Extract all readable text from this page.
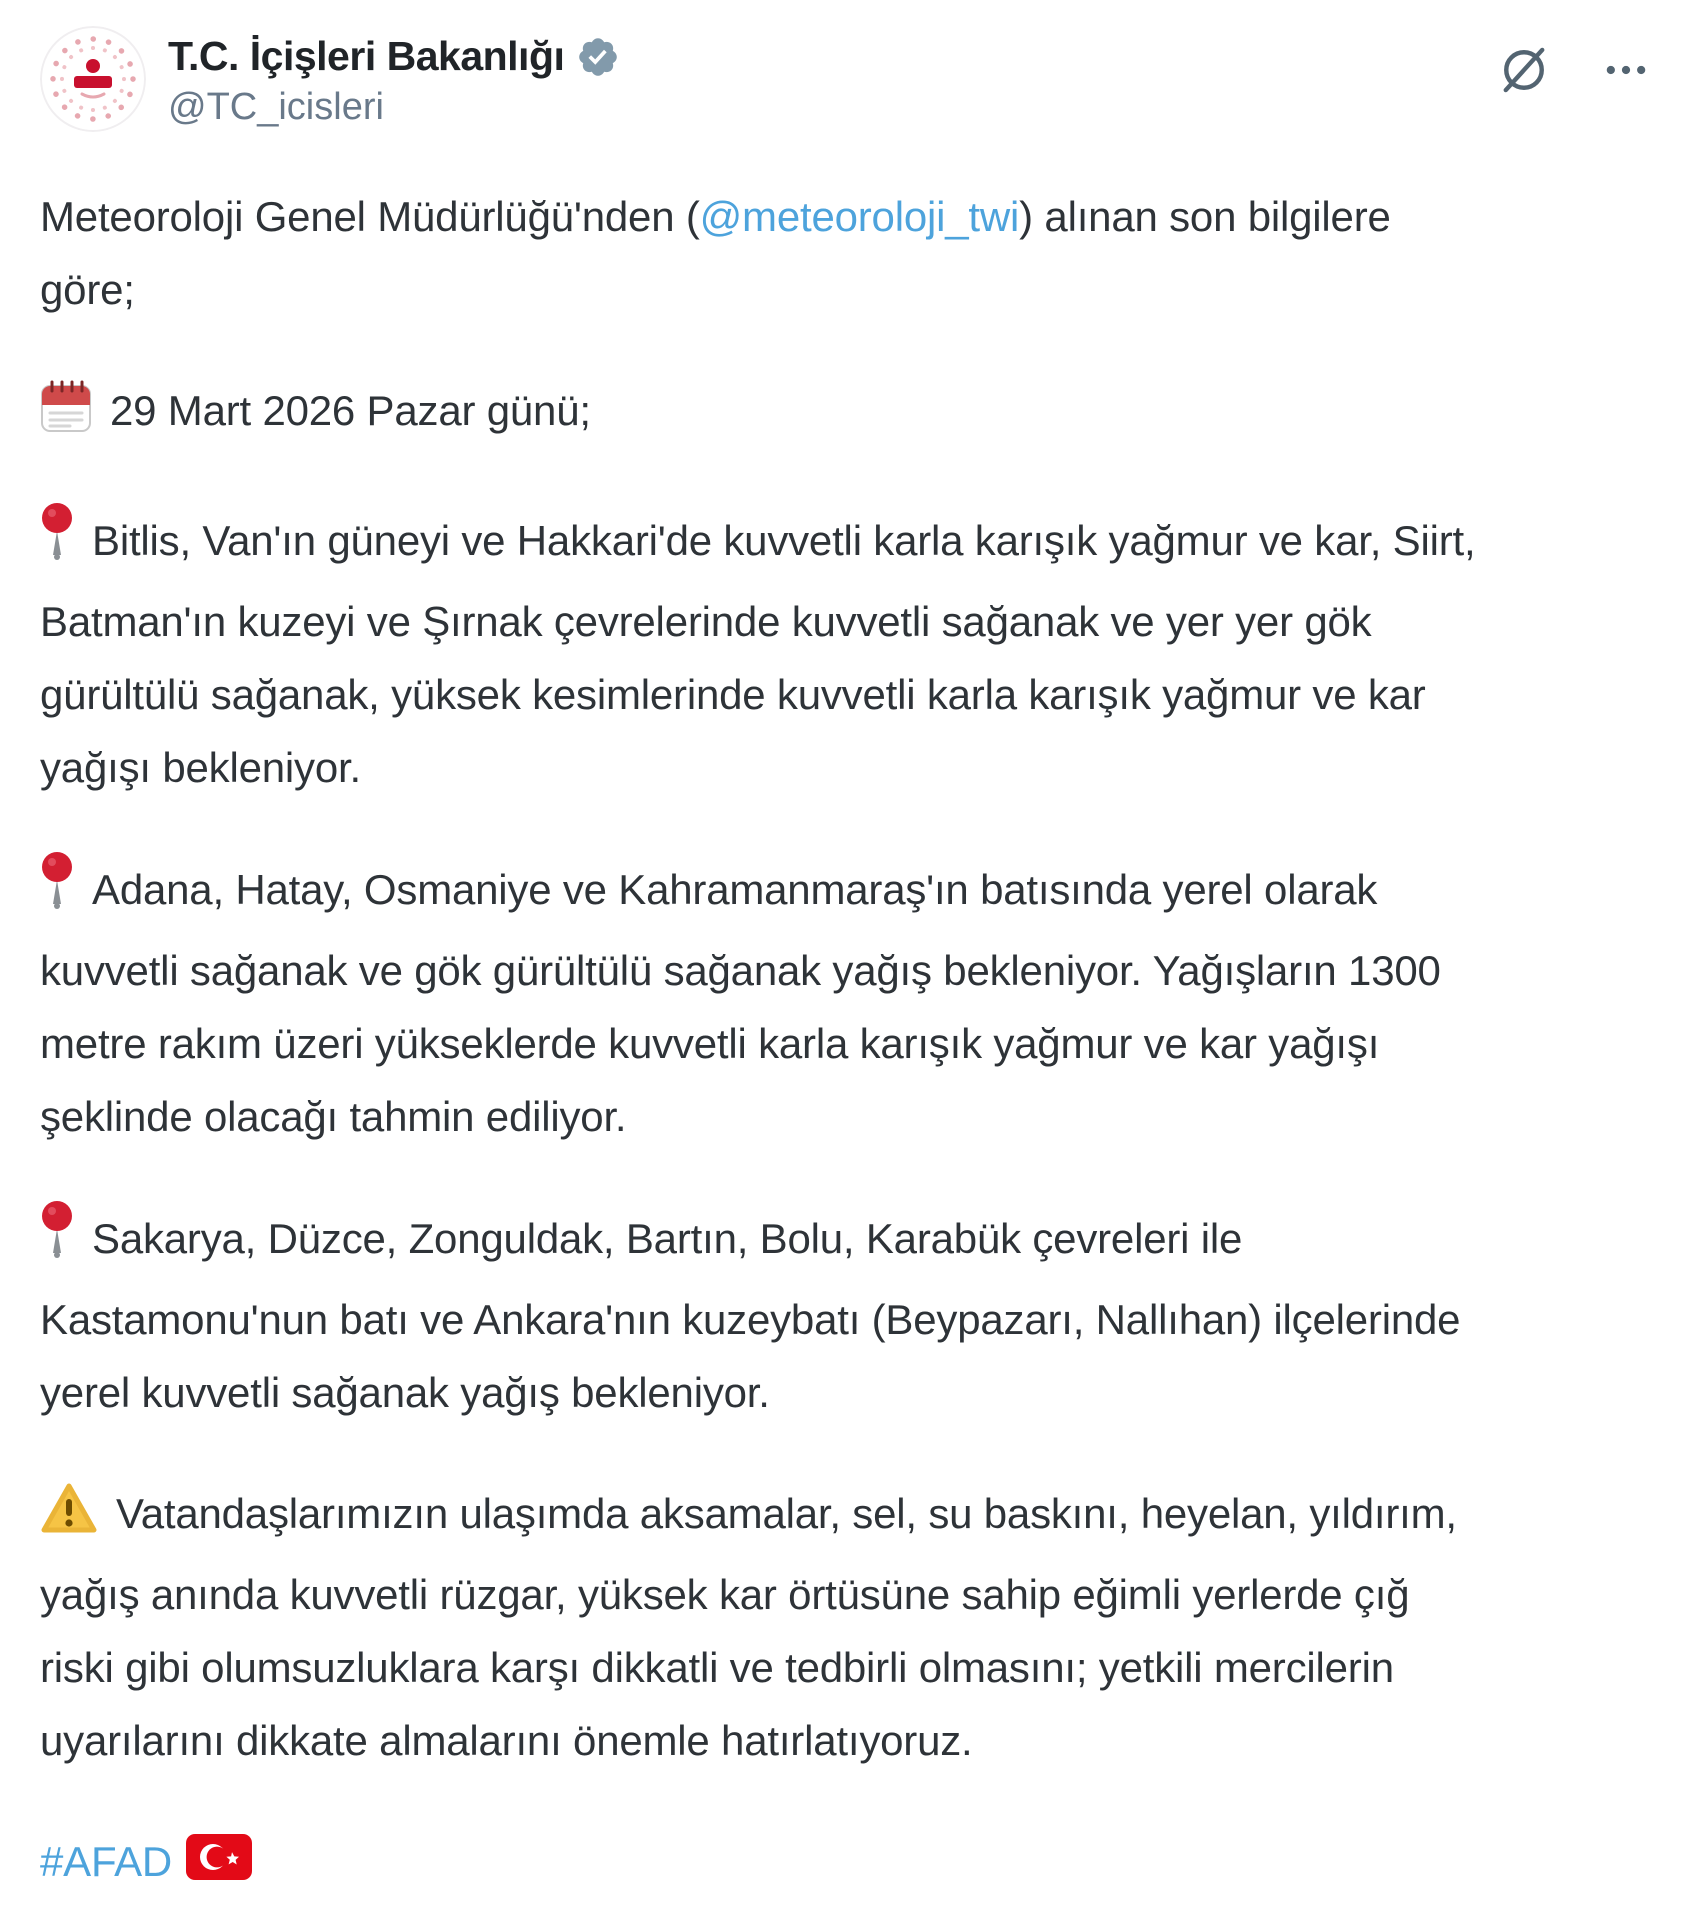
T.C. İçişleri Bakanlığı
@TC_icisleri

Meteoroloji Genel Müdürlüğü'nden (@meteoroloji_twi) alınan son bilgilere göre;

29 Mart 2026 Pazar günü;

Bitlis, Van'ın güneyi ve Hakkari'de kuvvetli karla karışık yağmur ve kar, Siirt, Batman'ın kuzeyi ve Şırnak çevrelerinde kuvvetli sağanak ve yer yer gök gürültülü sağanak, yüksek kesimlerinde kuvvetli karla karışık yağmur ve kar yağışı bekleniyor.

Adana, Hatay, Osmaniye ve Kahramanmaraş'ın batısında yerel olarak kuvvetli sağanak ve gök gürültülü sağanak yağış bekleniyor. Yağışların 1300 metre rakım üzeri yükseklerde kuvvetli karla karışık yağmur ve kar yağışı şeklinde olacağı tahmin ediliyor.

Sakarya, Düzce, Zonguldak, Bartın, Bolu, Karabük çevreleri ile Kastamonu'nun batı ve Ankara'nın kuzeybatı (Beypazarı, Nallıhan) ilçelerinde yerel kuvvetli sağanak yağış bekleniyor.

Vatandaşlarımızın ulaşımda aksamalar, sel, su baskını, heyelan, yıldırım, yağış anında kuvvetli rüzgar, yüksek kar örtüsüne sahip eğimli yerlerde çığ riski gibi olumsuzluklara karşı dikkatli ve tedbirli olmasını; yetkili mercilerin uyarılarını dikkate almalarını önemle hatırlatıyoruz.

#AFAD
